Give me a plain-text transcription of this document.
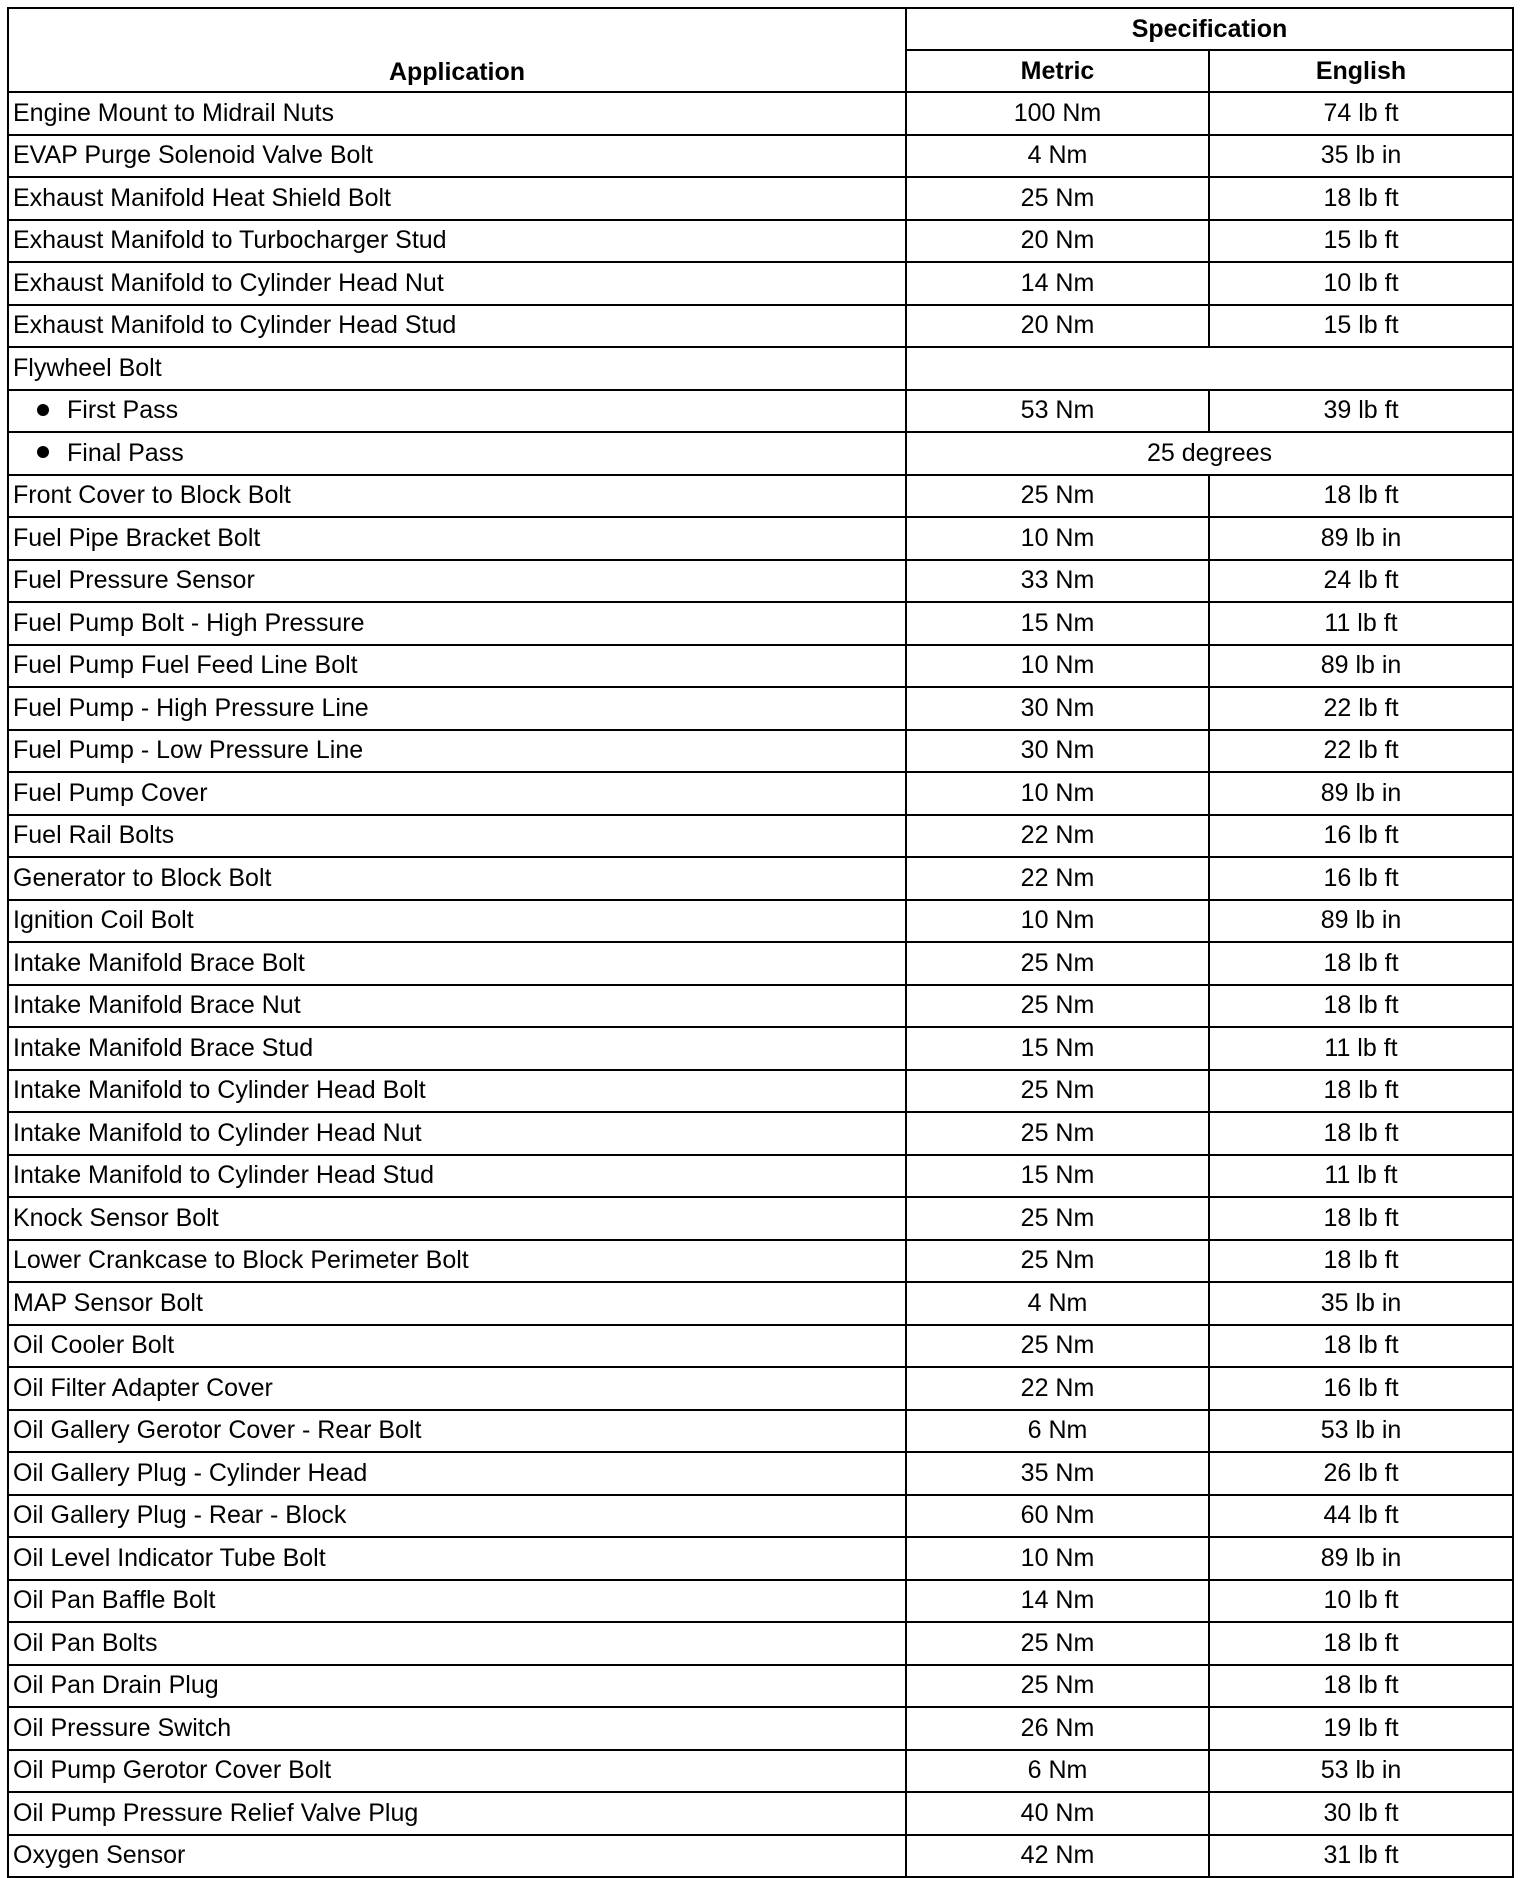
Application	Specification	
	Metric	English
Engine Mount to Midrail Nuts	100 Nm	74 lb ft
EVAP Purge Solenoid Valve Bolt	4 Nm	35 lb in
Exhaust Manifold Heat Shield Bolt	25 Nm	18 lb ft
Exhaust Manifold to Turbocharger Stud	20 Nm	15 lb ft
Exhaust Manifold to Cylinder Head Nut	14 Nm	10 lb ft
Exhaust Manifold to Cylinder Head Stud	20 Nm	15 lb ft
Flywheel Bolt		
First Pass	53 Nm	39 lb ft
Final Pass	25 degrees	
Front Cover to Block Bolt	25 Nm	18 lb ft
Fuel Pipe Bracket Bolt	10 Nm	89 lb in
Fuel Pressure Sensor	33 Nm	24 lb ft
Fuel Pump Bolt - High Pressure	15 Nm	11 lb ft
Fuel Pump Fuel Feed Line Bolt	10 Nm	89 lb in
Fuel Pump - High Pressure Line	30 Nm	22 lb ft
Fuel Pump - Low Pressure Line	30 Nm	22 lb ft
Fuel Pump Cover	10 Nm	89 lb in
Fuel Rail Bolts	22 Nm	16 lb ft
Generator to Block Bolt	22 Nm	16 lb ft
Ignition Coil Bolt	10 Nm	89 lb in
Intake Manifold Brace Bolt	25 Nm	18 lb ft
Intake Manifold Brace Nut	25 Nm	18 lb ft
Intake Manifold Brace Stud	15 Nm	11 lb ft
Intake Manifold to Cylinder Head Bolt	25 Nm	18 lb ft
Intake Manifold to Cylinder Head Nut	25 Nm	18 lb ft
Intake Manifold to Cylinder Head Stud	15 Nm	11 lb ft
Knock Sensor Bolt	25 Nm	18 lb ft
Lower Crankcase to Block Perimeter Bolt	25 Nm	18 lb ft
MAP Sensor Bolt	4 Nm	35 lb in
Oil Cooler Bolt	25 Nm	18 lb ft
Oil Filter Adapter Cover	22 Nm	16 lb ft
Oil Gallery Gerotor Cover - Rear Bolt	6 Nm	53 lb in
Oil Gallery Plug - Cylinder Head	35 Nm	26 lb ft
Oil Gallery Plug - Rear - Block	60 Nm	44 lb ft
Oil Level Indicator Tube Bolt	10 Nm	89 lb in
Oil Pan Baffle Bolt	14 Nm	10 lb ft
Oil Pan Bolts	25 Nm	18 lb ft
Oil Pan Drain Plug	25 Nm	18 lb ft
Oil Pressure Switch	26 Nm	19 lb ft
Oil Pump Gerotor Cover Bolt	6 Nm	53 lb in
Oil Pump Pressure Relief Valve Plug	40 Nm	30 lb ft
Oxygen Sensor	42 Nm	31 lb ft
